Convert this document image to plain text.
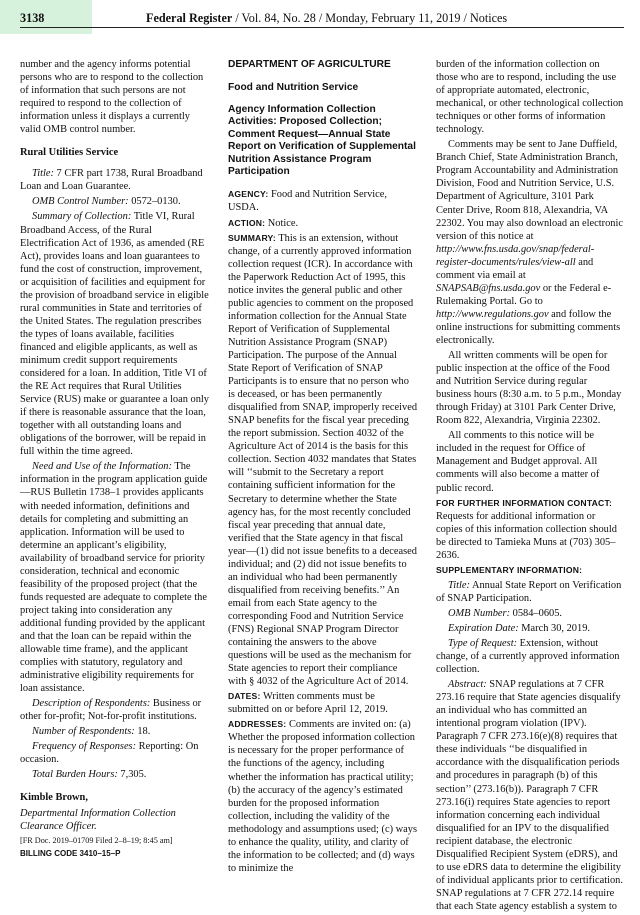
3138	Federal Register / Vol. 84, No. 28 / Monday, February 11, 2019 / Notices

number and the agency informs potential persons who are to respond to the collection of information that such persons are not required to respond to the collection of information unless it displays a currently valid OMB control number.

Rural Utilities Service

Title: 7 CFR part 1738, Rural Broadband Loan and Loan Guarantee.

OMB Control Number: 0572–0130.

Summary of Collection: Title VI, Rural Broadband Access, of the Rural Electrification Act of 1936, as amended (RE Act), provides loans and loan guarantees to fund the cost of construction, improvement, or acquisition of facilities and equipment for the provision of broadband service in eligible rural communities in State and territories of the United States. The regulation prescribes the types of loans available, facilities financed and eligible applicants, as well as minimum credit support requirements considered for a loan. In addition, Title VI of the RE Act requires that Rural Utilities Service (RUS) make or guarantee a loan only if there is reasonable assurance that the loan, together with all outstanding loans and obligations of the borrower, will be repaid in full within the time agreed.

Need and Use of the Information: The information in the program application guide—RUS Bulletin 1738–1 provides applicants with needed information, definitions and details for completing and submitting an application. Information will be used to determine an applicant’s eligibility, availability of broadband service for priority consideration, technical and economic feasibility of the proposed project (that the funds requested are adequate to complete the project taking into consideration any additional funding provided by the applicant and that the loan can be repaid within the allowable time frame), and the applicant complies with statutory, regulatory and administrative eligibility requirements for loan assistance.

Description of Respondents: Business or other for-profit; Not-for-profit institutions.

Number of Respondents: 18.

Frequency of Responses: Reporting: On occasion.

Total Burden Hours: 7,305.

Kimble Brown,

Departmental Information Collection Clearance Officer.

[FR Doc. 2019–01709 Filed 2–8–19; 8:45 am]

BILLING CODE 3410–15–P

DEPARTMENT OF AGRICULTURE
Food and Nutrition Service
Agency Information Collection Activities: Proposed Collection; Comment Request—Annual State Report on Verification of Supplemental Nutrition Assistance Program Participation

AGENCY: Food and Nutrition Service, USDA.

ACTION: Notice.

SUMMARY: This is an extension, without change, of a currently approved information collection request (ICR). In accordance with the Paperwork Reduction Act of 1995, this notice invites the general public and other public agencies to comment on the proposed information collection for the Annual State Report of Verification of Supplemental Nutrition Assistance Program (SNAP) Participation. The purpose of the Annual State Report of Verification of SNAP Participants is to ensure that no person who is deceased, or has been permanently disqualified from SNAP, improperly received SNAP benefits for the fiscal year preceding the report submission. Section 4032 of the Agriculture Act of 2014 is the basis for this collection. Section 4032 mandates that States will ‘‘submit to the Secretary a report containing sufficient information for the Secretary to determine whether the State agency has, for the most recently concluded fiscal year preceding that annual date, verified that the State agency in that fiscal year—(1) did not issue benefits to a deceased individual; and (2) did not issue benefits to an individual who had been permanently disqualified from receiving benefits.’’ An email from each State agency to the corresponding Food and Nutrition Service (FNS) Regional SNAP Program Director containing the answers to the above questions will be used as the mechanism for State agencies to report their compliance with § 4032 of the Agriculture Act of 2014.

DATES: Written comments must be submitted on or before April 12, 2019.

ADDRESSES: Comments are invited on: (a) Whether the proposed information collection is necessary for the proper performance of the functions of the agency, including whether the information has practical utility; (b) the accuracy of the agency’s estimated burden for the proposed information collection, including the validity of the methodology and assumptions used; (c) ways to enhance the quality, utility, and clarity of the information to be collected; and (d) ways to minimize the

burden of the information collection on those who are to respond, including the use of appropriate automated, electronic, mechanical, or other technological collection techniques or other forms of information technology.

Comments may be sent to Jane Duffield, Branch Chief, State Administration Branch, Program Accountability and Administration Division, Food and Nutrition Service, U.S. Department of Agriculture, 3101 Park Center Drive, Room 818, Alexandria, VA 22302. You may also download an electronic version of this notice at http://www.fns.usda.gov/snap/federal-register-documents/rules/view-all and comment via email at SNAPSAB@fns.usda.gov or the Federal e-Rulemaking Portal. Go to http://www.regulations.gov and follow the online instructions for submitting comments electronically.

All written comments will be open for public inspection at the office of the Food and Nutrition Service during regular business hours (8:30 a.m. to 5 p.m., Monday through Friday) at 3101 Park Center Drive, Room 822, Alexandria, Virginia 22302.

All comments to this notice will be included in the request for Office of Management and Budget approval. All comments will also become a matter of public record.

FOR FURTHER INFORMATION CONTACT: Requests for additional information or copies of this information collection should be directed to Tamieka Muns at (703) 305–2636.

SUPPLEMENTARY INFORMATION:

Title: Annual State Report on Verification of SNAP Participation.

OMB Number: 0584–0605.

Expiration Date: March 30, 2019.

Type of Request: Extension, without change, of a currently approved information collection.

Abstract: SNAP regulations at 7 CFR 273.16 require that State agencies disqualify an individual who has committed an intentional program violation (IPV). Paragraph 7 CFR 273.16(e)(8) requires that these individuals ‘‘be disqualified in accordance with the disqualification periods and procedures in paragraph (b) of this section’’ (273.16(b)). Paragraph 7 CFR 273.16(i) requires State agencies to report information concerning each individual disqualified for an IPV to the disqualified recipient database, the electronic Disqualified Recipient System (eDRS), and to use eDRS data to determine the eligibility of individual applicants prior to certification. SNAP regulations at 7 CFR 272.14 require that each State agency establish a system to
